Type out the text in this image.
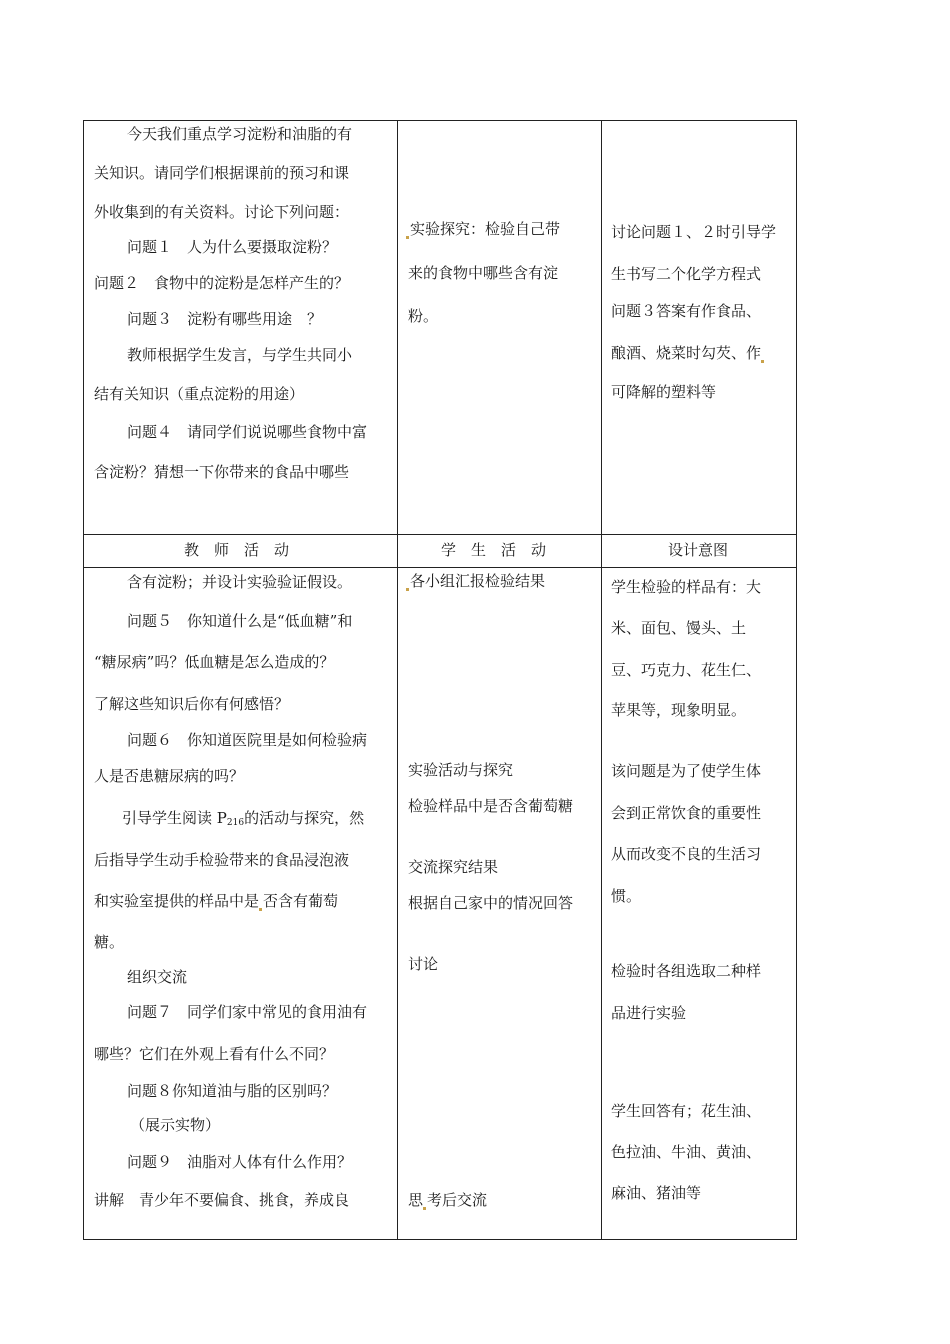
教　师　活　动	学　生　活　动	设计意图
今天我们重点学习淀粉和油脂的有
关知识。请同学们根据课前的预习和课
外收集到的有关资料。讨论下列问题：
问题１　人为什么要摄取淀粉？
问题２　食物中的淀粉是怎样产生的？
问题３　淀粉有哪些用途　？
教师根据学生发言，与学生共同小
结有关知识（重点淀粉的用途）
问题４　请同学们说说哪些食物中富
含淀粉？猜想一下你带来的食品中哪些
实验探究：检验自己带
来的食物中哪些含有淀
粉。
讨论问题１、２时引导学
生书写二个化学方程式
问题３答案有作食品、
酿酒、烧菜时勾芡、作
可降解的塑料等
含有淀粉；并设计实验验证假设。
问题５　你知道什么是“低血糖”和
“糖尿病”吗？低血糖是怎么造成的？
了解这些知识后你有何感悟？
问题６　你知道医院里是如何检验病
人是否患糖尿病的吗？
引导学生阅读 $P_{216}$的活动与探究，然
后指导学生动手检验带来的食品浸泡液
和实验室提供的样品中是 否含有葡萄
糖。
组织交流
问题７　同学们家中常见的食用油有
哪些？它们在外观上看有什么不同？
问题８你知道油与脂的区别吗？
（展示实物）
问题９　油脂对人体有什么作用？
讲解　青少年不要偏食、挑食，养成良
各小组汇报检验结果
实验活动与探究
检验样品中是否含葡萄糖
交流探究结果
根据自己家中的情况回答
讨论
思 考后交流
学生检验的样品有：大
米、面包、馒头、土
豆、巧克力、花生仁、
苹果等，现象明显。
该问题是为了使学生体
会到正常饮食的重要性
从而改变不良的生活习
惯。
检验时各组选取二种样
品进行实验
学生回答有；花生油、
色拉油、牛油、黄油、
麻油、猪油等
